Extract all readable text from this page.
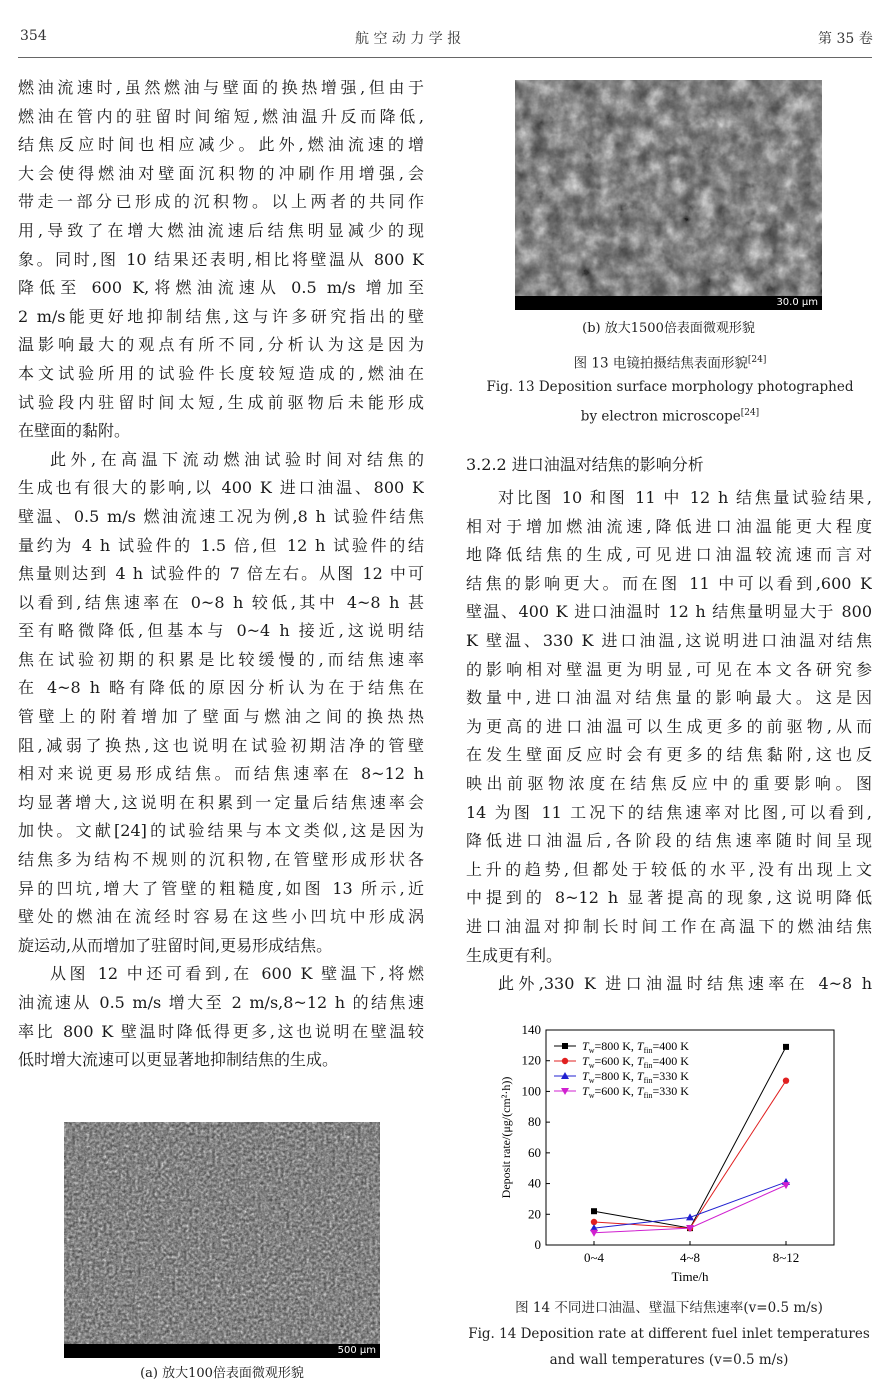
354	航 空 动 力 学 报	第 35 卷
燃油流速时,虽然燃油与壁面的换热增强,但由于
燃油在管内的驻留时间缩短,燃油温升反而降低,
结焦反应时间也相应减少。此外,燃油流速的增
大会使得燃油对壁面沉积物的冲刷作用增强,会
带走一部分已形成的沉积物。以上两者的共同作
用,导致了在增大燃油流速后结焦明显减少的现
象。同时,图 10 结果还表明,相比将壁温从 800 K
降低至 600 K,将燃油流速从 0.5 m/s 增加至
2 m/s能更好地抑制结焦,这与许多研究指出的壁
温影响最大的观点有所不同,分析认为这是因为
本文试验所用的试验件长度较短造成的,燃油在
试验段内驻留时间太短,生成前驱物后未能形成
在壁面的黏附。
此外,在高温下流动燃油试验时间对结焦的
生成也有很大的影响,以 400 K 进口油温、800 K
壁温、0.5 m/s 燃油流速工况为例,8 h 试验件结焦
量约为 4 h 试验件的 1.5 倍,但 12 h 试验件的结
焦量则达到 4 h 试验件的 7 倍左右。从图 12 中可
以看到,结焦速率在 0~8 h 较低,其中 4~8 h 甚
至有略微降低,但基本与 0~4 h 接近,这说明结
焦在试验初期的积累是比较缓慢的,而结焦速率
在 4~8 h 略有降低的原因分析认为在于结焦在
管壁上的附着增加了壁面与燃油之间的换热热
阻,减弱了换热,这也说明在试验初期洁净的管壁
相对来说更易形成结焦。而结焦速率在 8~12 h
均显著增大,这说明在积累到一定量后结焦速率会
加快。文献[24]的试验结果与本文类似,这是因为
结焦多为结构不规则的沉积物,在管壁形成形状各
异的凹坑,增大了管壁的粗糙度,如图 13 所示,近
壁处的燃油在流经时容易在这些小凹坑中形成涡
旋运动,从而增加了驻留时间,更易形成结焦。
从图 12 中还可看到,在 600 K 壁温下,将燃
油流速从 0.5 m/s 增大至 2 m/s,8~12 h 的结焦速
率比 800 K 壁温时降低得更多,这也说明在壁温较
低时增大流速可以更显著地抑制结焦的生成。
500 μm
(a) 放大100倍表面微观形貌
30.0 μm
(b) 放大1500倍表面微观形貌
图 13 电镜拍摄结焦表面形貌[24]
Fig. 13 Deposition surface morphology photographed
by electron microscope[24]
3.2.2 进口油温对结焦的影响分析
对比图 10 和图 11 中 12 h 结焦量试验结果,
相对于增加燃油流速,降低进口油温能更大程度
地降低结焦的生成,可见进口油温较流速而言对
结焦的影响更大。而在图 11 中可以看到,600 K
壁温、400 K 进口油温时 12 h 结焦量明显大于 800
K 壁温、330 K 进口油温,这说明进口油温对结焦
的影响相对壁温更为明显,可见在本文各研究参
数量中,进口油温对结焦量的影响最大。这是因
为更高的进口油温可以生成更多的前驱物,从而
在发生壁面反应时会有更多的结焦黏附,这也反
映出前驱物浓度在结焦反应中的重要影响。图
14 为图 11 工况下的结焦速率对比图,可以看到,
降低进口油温后,各阶段的结焦速率随时间呈现
上升的趋势,但都处于较低的水平,没有出现上文
中提到的 8~12 h 显著提高的现象,这说明降低
进口油温对抑制长时间工作在高温下的燃油结焦
生成更有利。
此外,330 K 进口油温时结焦速率在 4~8 h
0
20
40
60
80
100
120
140
0~4	4~8	8~12
Time/h
Deposit rate/(μg/(cm²·h))
$T_w=800$ K, $T_{fin}=400$ K
$T_w=600$ K, $T_{fin}=400$ K
$T_w=800$ K, $T_{fin}=330$ K
$T_w=600$ K, $T_{fin}=330$ K
图 14 不同进口油温、壁温下结焦速率(v=0.5 m/s)
Fig. 14 Deposition rate at different fuel inlet temperatures
and wall temperatures (v=0.5 m/s)
